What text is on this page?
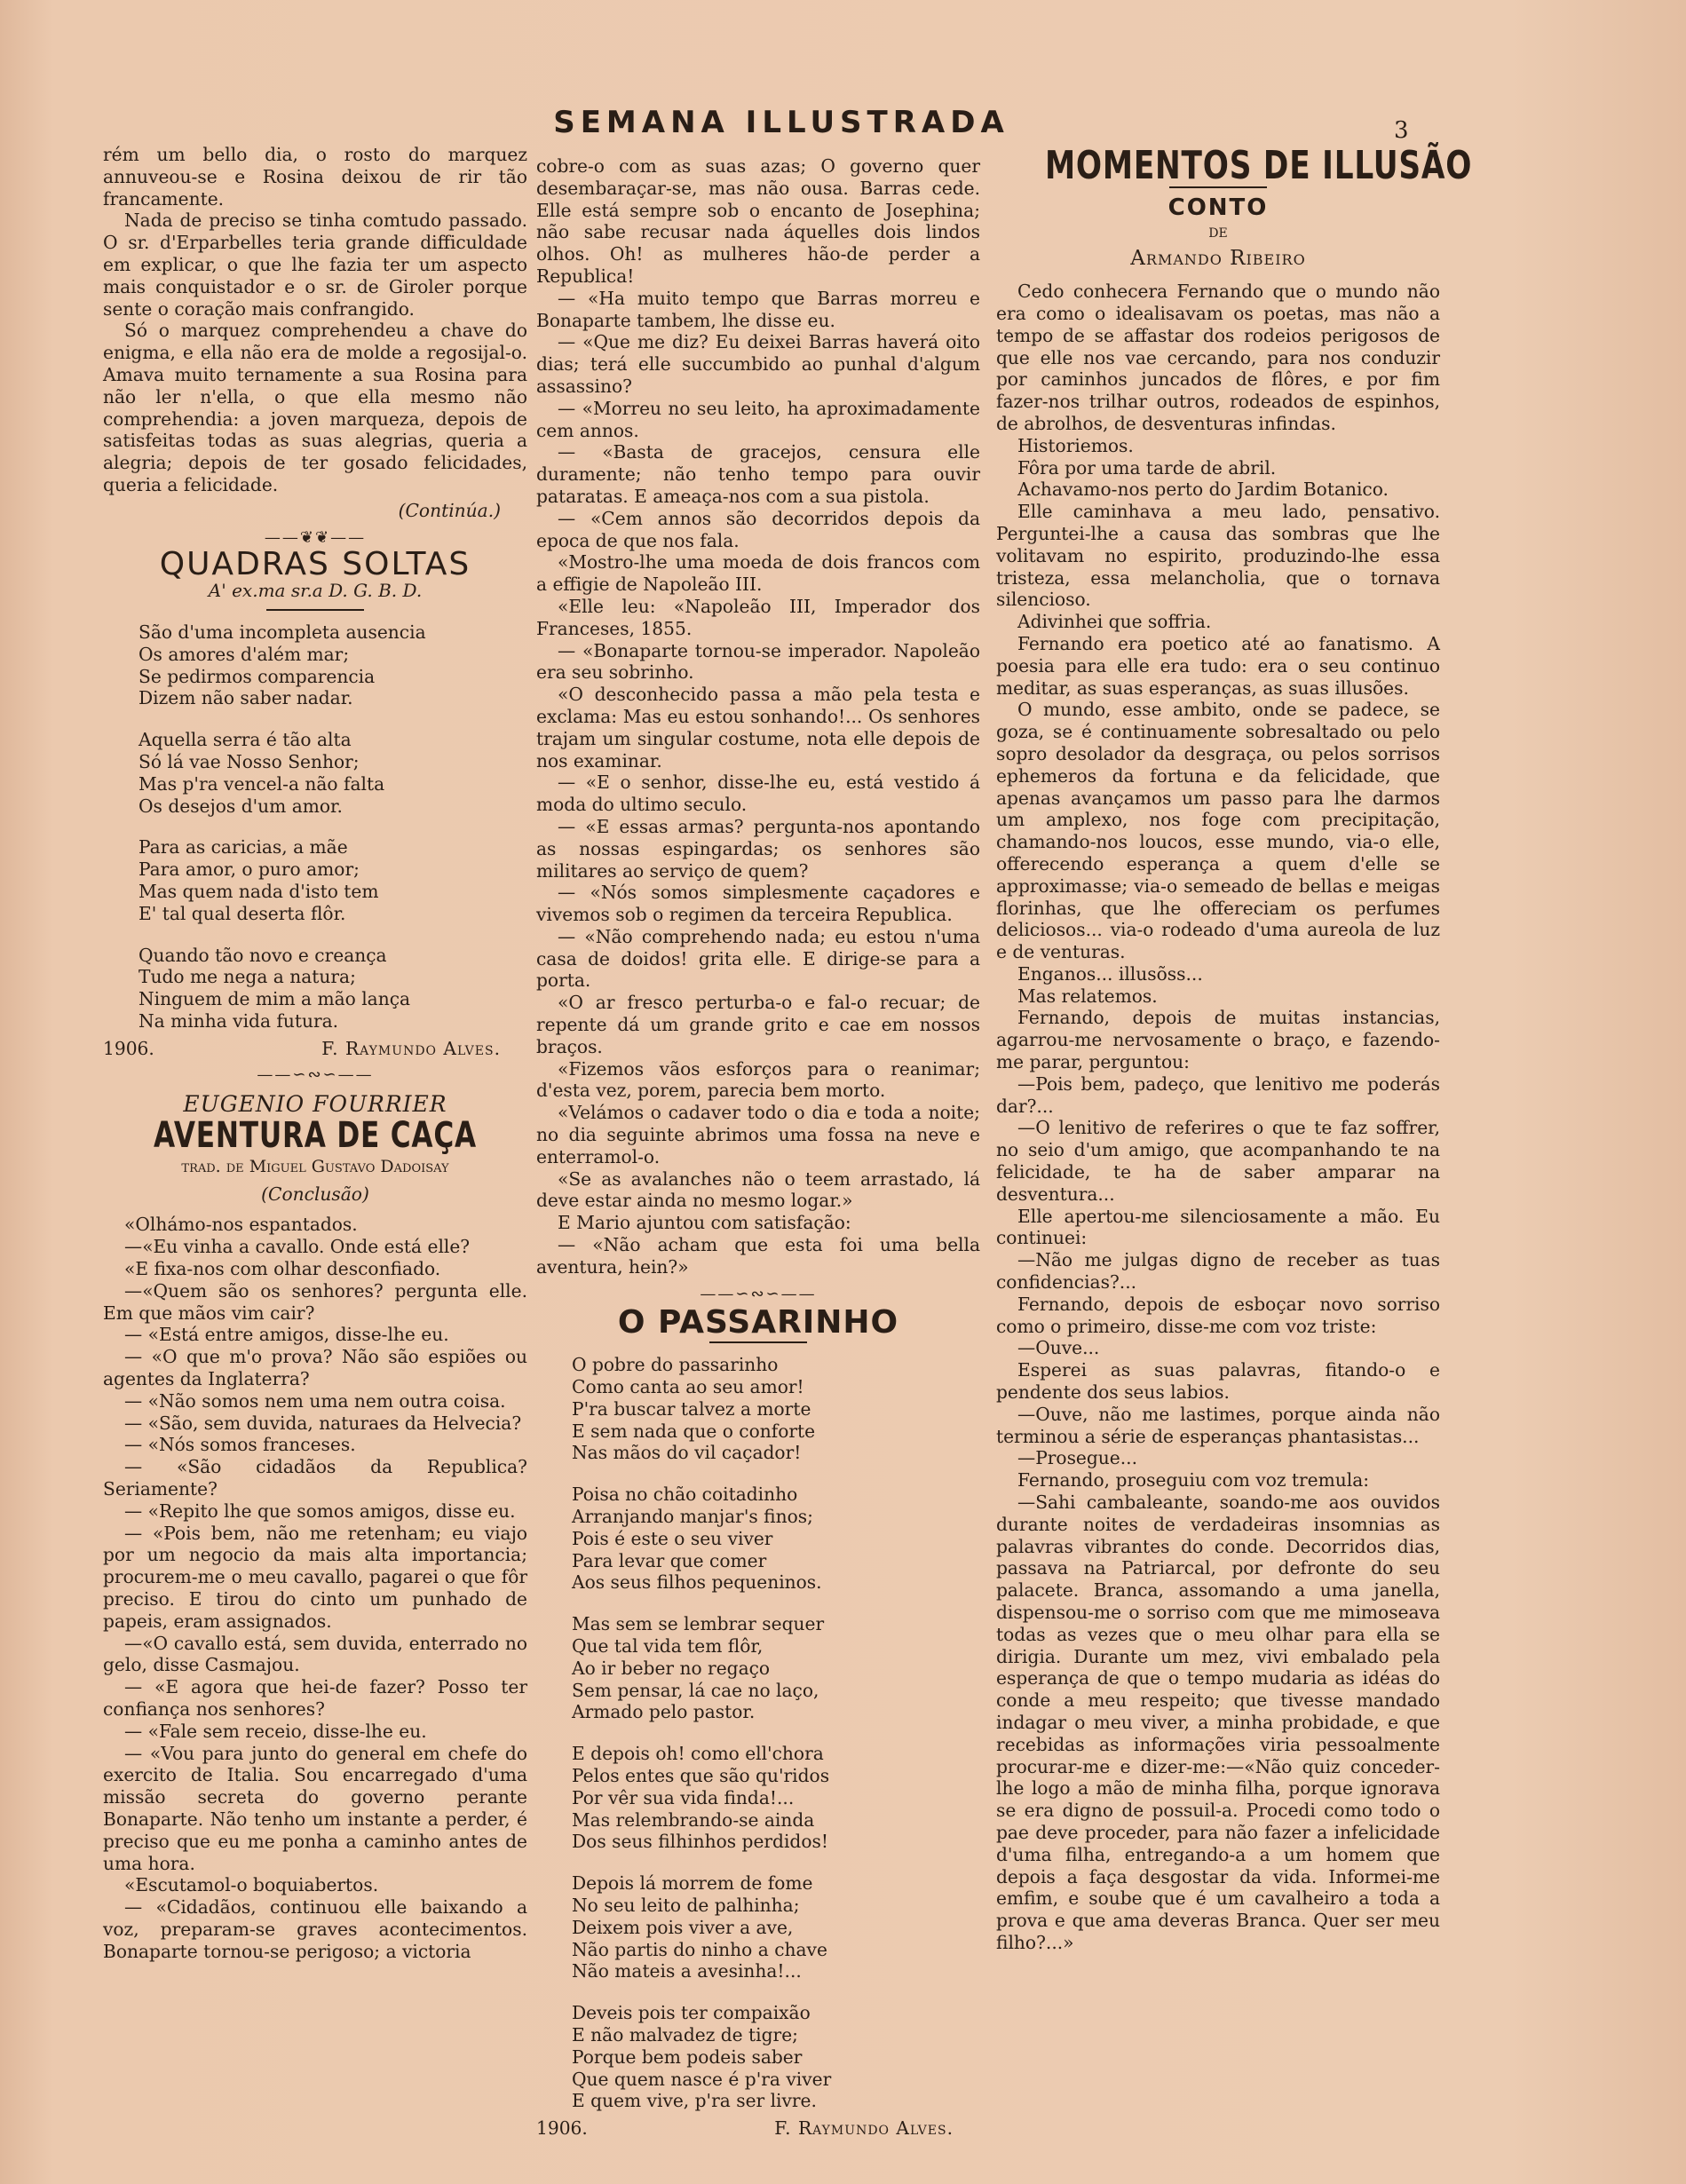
SEMANA ILLUSTRADA	3

rém um bello dia, o rosto do marquez annuveou-se e Rosina deixou de rir tão francamente.

Nada de preciso se tinha comtudo passado. O sr. d'Erparbelles teria grande difficuldade em explicar, o que lhe fazia ter um aspecto mais conquistador e o sr. de Giroler porque sente o coração mais confrangido.

Só o marquez comprehendeu a chave do enigma, e ella não era de molde a regosijal-o. Amava muito ternamente a sua Rosina para não ler n'ella, o que ella mesmo não comprehendia: a joven marqueza, depois de satisfeitas todas as suas alegrias, queria a alegria; depois de ter gosado felicidades, queria a felicidade.

(Continúa.)
——❦❦——
QUADRAS SOLTAS
A' ex.ma sr.a D. G. B. D.
São d'uma incompleta ausencia
Os amores d'além mar;
Se pedirmos comparencia
Dizem não saber nadar.
Aquella serra é tão alta
Só lá vae Nosso Senhor;
Mas p'ra vencel-a não falta
Os desejos d'um amor.
Para as caricias, a mãe
Para amor, o puro amor;
Mas quem nada d'isto tem
E' tal qual deserta flôr.
Quando tão novo e creança
Tudo me nega a natura;
Ninguem de mim a mão lança
Na minha vida futura.
1906.	F. Raymundo Alves.
——∽∾∽——
EUGENIO FOURRIER
AVENTURA DE CAÇA
trad. de Miguel Gustavo Dadoisay
(Conclusão)

«Olhámo-nos espantados.

—«Eu vinha a cavallo. Onde está elle?

«E fixa-nos com olhar desconfiado.

—«Quem são os senhores? pergunta elle. Em que mãos vim cair?

— «Está entre amigos, disse-lhe eu.

— «O que m'o prova? Não são espiões ou agentes da Inglaterra?

— «Não somos nem uma nem outra coisa.

— «São, sem duvida, naturaes da Helvecia?

— «Nós somos franceses.

— «São cidadãos da Republica? Seriamente?

— «Repito lhe que somos amigos, disse eu.

— «Pois bem, não me retenham; eu viajo por um negocio da mais alta importancia; procurem-me o meu cavallo, pagarei o que fôr preciso. E tirou do cinto um punhado de papeis, eram assignados.

—«O cavallo está, sem duvida, enterrado no gelo, disse Casmajou.

— «E agora que hei-de fazer? Posso ter confiança nos senhores?

— «Fale sem receio, disse-lhe eu.

— «Vou para junto do general em chefe do exercito de Italia. Sou encarregado d'uma missão secreta do governo perante Bonaparte. Não tenho um instante a perder, é preciso que eu me ponha a caminho antes de uma hora.

«Escutamol-o boquiabertos.

— «Cidadãos, continuou elle baixando a voz, preparam-se graves acontecimentos. Bonaparte tornou-se perigoso; a victoria

cobre-o com as suas azas; O governo quer desembaraçar-se, mas não ousa. Barras cede. Elle está sempre sob o encanto de Josephina; não sabe recusar nada áquelles dois lindos olhos. Oh! as mulheres hão-de perder a Republica!

— «Ha muito tempo que Barras morreu e Bonaparte tambem, lhe disse eu.

— «Que me diz? Eu deixei Barras haverá oito dias; terá elle succumbido ao punhal d'algum assassino?

— «Morreu no seu leito, ha aproximadamente cem annos.

— «Basta de gracejos, censura elle duramente; não tenho tempo para ouvir pataratas. E ameaça-nos com a sua pistola.

— «Cem annos são decorridos depois da epoca de que nos fala.

«Mostro-lhe uma moeda de dois francos com a effigie de Napoleão III.

«Elle leu: «Napoleão III, Imperador dos Franceses, 1855.

— «Bonaparte tornou-se imperador. Napoleão era seu sobrinho.

«O desconhecido passa a mão pela testa e exclama: Mas eu estou sonhando!... Os senhores trajam um singular costume, nota elle depois de nos examinar.

— «E o senhor, disse-lhe eu, está vestido á moda do ultimo seculo.

— «E essas armas? pergunta-nos apontando as nossas espingardas; os senhores são militares ao serviço de quem?

— «Nós somos simplesmente caçadores e vivemos sob o regimen da terceira Republica.

— «Não comprehendo nada; eu estou n'uma casa de doidos! grita elle. E dirige-se para a porta.

«O ar fresco perturba-o e fal-o recuar; de repente dá um grande grito e cae em nossos braços.

«Fizemos vãos esforços para o reanimar; d'esta vez, porem, parecia bem morto.

«Velámos o cadaver todo o dia e toda a noite; no dia seguinte abrimos uma fossa na neve e enterramol-o.

«Se as avalanches não o teem arrastado, lá deve estar ainda no mesmo logar.»

E Mario ajuntou com satisfação:

— «Não acham que esta foi uma bella aventura, hein?»

——∽∾∽——
O PASSARINHO
O pobre do passarinho
Como canta ao seu amor!
P'ra buscar talvez a morte
E sem nada que o conforte
Nas mãos do vil caçador!
Poisa no chão coitadinho
Arranjando manjar's finos;
Pois é este o seu viver
Para levar que comer
Aos seus filhos pequeninos.
Mas sem se lembrar sequer
Que tal vida tem flôr,
Ao ir beber no regaço
Sem pensar, lá cae no laço,
Armado pelo pastor.
E depois oh! como ell'chora
Pelos entes que são qu'ridos
Por vêr sua vida finda!...
Mas relembrando-se ainda
Dos seus filhinhos perdidos!
Depois lá morrem de fome
No seu leito de palhinha;
Deixem pois viver a ave,
Não partis do ninho a chave
Não mateis a avesinha!...
Deveis pois ter compaixão
E não malvadez de tigre;
Porque bem podeis saber
Que quem nasce é p'ra viver
E quem vive, p'ra ser livre.
1906.	F. Raymundo Alves.
MOMENTOS DE ILLUSÃO
CONTO
DE
Armando Ribeiro

Cedo conhecera Fernando que o mundo não era como o idealisavam os poetas, mas não a tempo de se affastar dos rodeios perigosos de que elle nos vae cercando, para nos conduzir por caminhos juncados de flôres, e por fim fazer-nos trilhar outros, rodeados de espinhos, de abrolhos, de desventuras infindas.

Historiemos.

Fôra por uma tarde de abril.

Achavamo-nos perto do Jardim Botanico.

Elle caminhava a meu lado, pensativo. Perguntei-lhe a causa das sombras que lhe volitavam no espirito, produzindo-lhe essa tristeza, essa melancholia, que o tornava silencioso.

Adivinhei que soffria.

Fernando era poetico até ao fanatismo. A poesia para elle era tudo: era o seu continuo meditar, as suas esperanças, as suas illusões.

O mundo, esse ambito, onde se padece, se goza, se é continuamente sobresaltado ou pelo sopro desolador da desgraça, ou pelos sorrisos ephemeros da fortuna e da felicidade, que apenas avançamos um passo para lhe darmos um amplexo, nos foge com precipitação, chamando-nos loucos, esse mundo, via-o elle, offerecendo esperança a quem d'elle se approximasse; via-o semeado de bellas e meigas florinhas, que lhe offereciam os perfumes deliciosos... via-o rodeado d'uma aureola de luz e de venturas.

Enganos... illusõss...

Mas relatemos.

Fernando, depois de muitas instancias, agarrou-me nervosamente o braço, e fazendo-me parar, perguntou:

—Pois bem, padeço, que lenitivo me poderás dar?...

—O lenitivo de referires o que te faz soffrer, no seio d'um amigo, que acompanhando te na felicidade, te ha de saber amparar na desventura...

Elle apertou-me silenciosamente a mão. Eu continuei:

—Não me julgas digno de receber as tuas confidencias?...

Fernando, depois de esboçar novo sorriso como o primeiro, disse-me com voz triste:

—Ouve...

Esperei as suas palavras, fitando-o e pendente dos seus labios.

—Ouve, não me lastimes, porque ainda não terminou a série de esperanças phantasistas...

—Prosegue...

Fernando, proseguiu com voz tremula:

—Sahi cambaleante, soando-me aos ouvidos durante noites de verdadeiras insomnias as palavras vibrantes do conde. Decorridos dias, passava na Patriarcal, por defronte do seu palacete. Branca, assomando a uma janella, dispensou-me o sorriso com que me mimoseava todas as vezes que o meu olhar para ella se dirigia. Durante um mez, vivi embalado pela esperança de que o tempo mudaria as idéas do conde a meu respeito; que tivesse mandado indagar o meu viver, a minha probidade, e que recebidas as informações viria pessoalmente procurar-me e dizer-me:—«Não quiz conceder-lhe logo a mão de minha filha, porque ignorava se era digno de possuil-a. Procedi como todo o pae deve proceder, para não fazer a infelicidade d'uma filha, entregando-a a um homem que depois a faça desgostar da vida. Informei-me emfim, e soube que é um cavalheiro a toda a prova e que ama deveras Branca. Quer ser meu filho?...»
